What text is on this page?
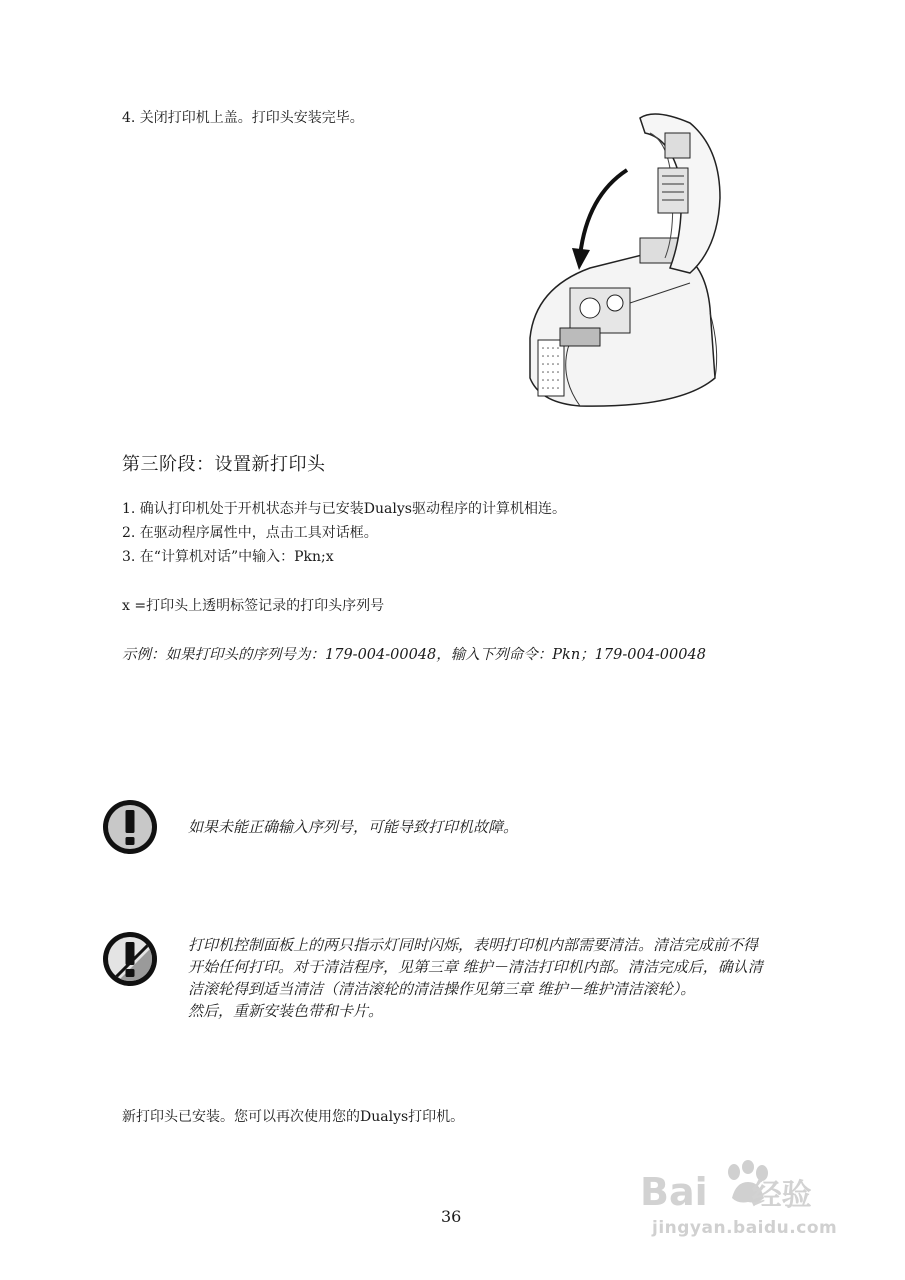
4. 关闭打印机上盖。打印头安装完毕。
第三阶段：设置新打印头
1. 确认打印机处于开机状态并与已安装Dualys驱动程序的计算机相连。
2. 在驱动程序属性中，点击工具对话框。
3. 在“计算机对话”中输入：Pkn;x
x =打印头上透明标签记录的打印头序列号
示例：如果打印头的序列号为：179-004-00048，输入下列命令：Pkn；179-004-00048
如果未能正确输入序列号，可能导致打印机故障。
打印机控制面板上的两只指示灯同时闪烁，表明打印机内部需要清洁。清洁完成前不得
开始任何打印。对于清洁程序，见第三章 维护－清洁打印机内部。清洁完成后，确认清
洁滚轮得到适当清洁（清洁滚轮的清洁操作见第三章 维护－维护清洁滚轮）。
然后，重新安装色带和卡片。
新打印头已安装。您可以再次使用您的Dualys打印机。
36
Bai 经验
jingyan.baidu.com
